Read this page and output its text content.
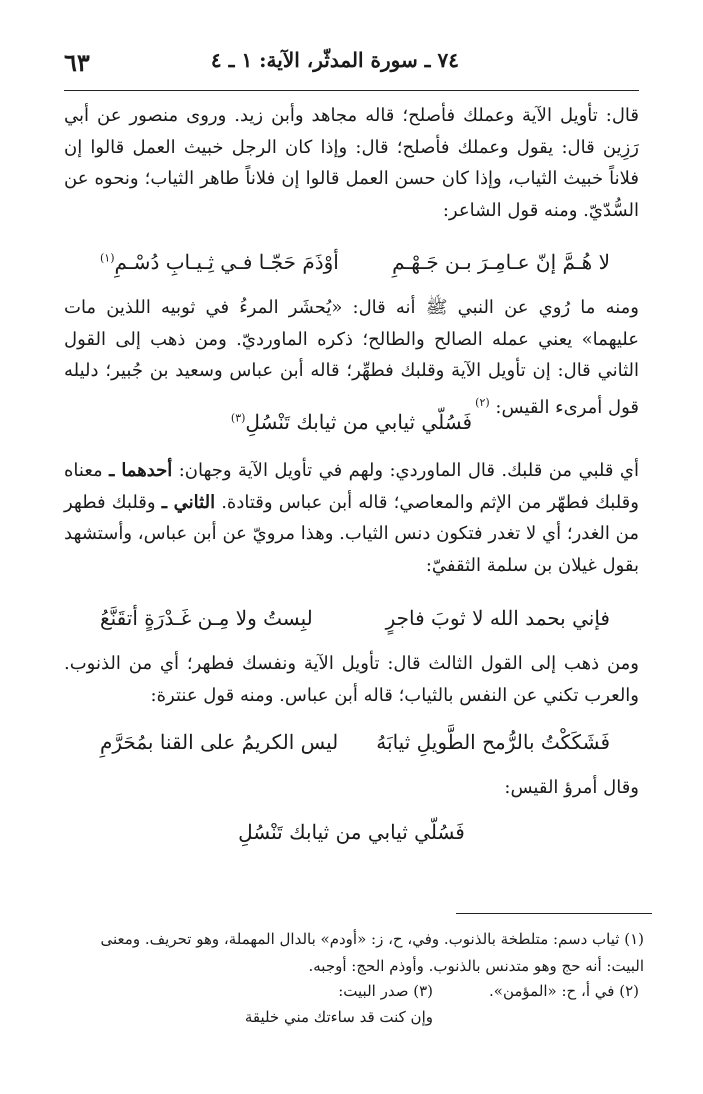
٧٤ ـ سورة المدثّر، الآية: ١ ـ ٤
٦٣

قال: تأويل الآية وعملك فأصلح؛ قاله مجاهد وأبن زيد. وروى منصور عن أبي رَزِين قال: يقول وعملك فأصلح؛ قال: وإذا كان الرجل خبيث العمل قالوا إن فلاناً خبيث الثياب، وإذا كان حسن العمل قالوا إن فلاناً طاهر الثياب؛ ونحوه عن السُّدّيّ. ومنه قول الشاعر:

لا هُـمَّ إنّ عـامِـرَ بـن جَـهْـمِ
أوْذَمَ حَجّـا فـي ثِـيـابِ دُسْـمِ$^{(١)}$

ومنه ما رُوي عن النبي ﷺ أنه قال: «يُحشَر المرءُ في ثوبيه اللذين مات عليهما» يعني عمله الصالح والطالح؛ ذكره الماورديّ. ومن ذهب إلى القول الثاني قال: إن تأويل الآية وقلبك فطهِّر؛ قاله أبن عباس وسعيد بن جُبير؛ دليله قول أمرىء القيس: $^{(٢)}$

فَسُلّي ثيابي من ثيابك تَنْسُلِ$^{(٣)}$

أي قلبي من قلبك. قال الماوردي: ولهم في تأويل الآية وجهان: أحدهما ـ معناه وقلبك فطهّر من الإثم والمعاصي؛ قاله أبن عباس وقتادة. الثاني ـ وقلبك فطهر من الغدر؛ أي لا تغدر فتكون دنس الثياب. وهذا مرويّ عن أبن عباس، وأستشهد بقول غيلان بن سلمة الثقفيّ:

فإني بحمد الله لا ثوبَ فاجرٍ
لبِستُ ولا مِـن غَـدْرَةٍ أتقَنَّعُ

ومن ذهب إلى القول الثالث قال: تأويل الآية ونفسك فطهر؛ أي من الذنوب. والعرب تكني عن النفس بالثياب؛ قاله أبن عباس. ومنه قول عنترة:

فَشَكَكْتُ بالرُّمح الطَّويلِ ثيابَهُ
ليس الكريمُ على القنا بمُحَرَّمِ

وقال أمرؤ القيس:

فَسُلّي ثيابي من ثيابك تَنْسُلِ

(١) ثياب دسم: متلطخة بالذنوب. وفي، ح، ز: «أودم» بالدال المهملة، وهو تحريف. ومعنى البيت: أنه حج وهو متدنس بالذنوب. وأوذم الحج: أوجبه.

(٢) في أ، ح: «المؤمن».
(٣) صدر البيت:
وإن كنت قد ساءتك مني خليقة
